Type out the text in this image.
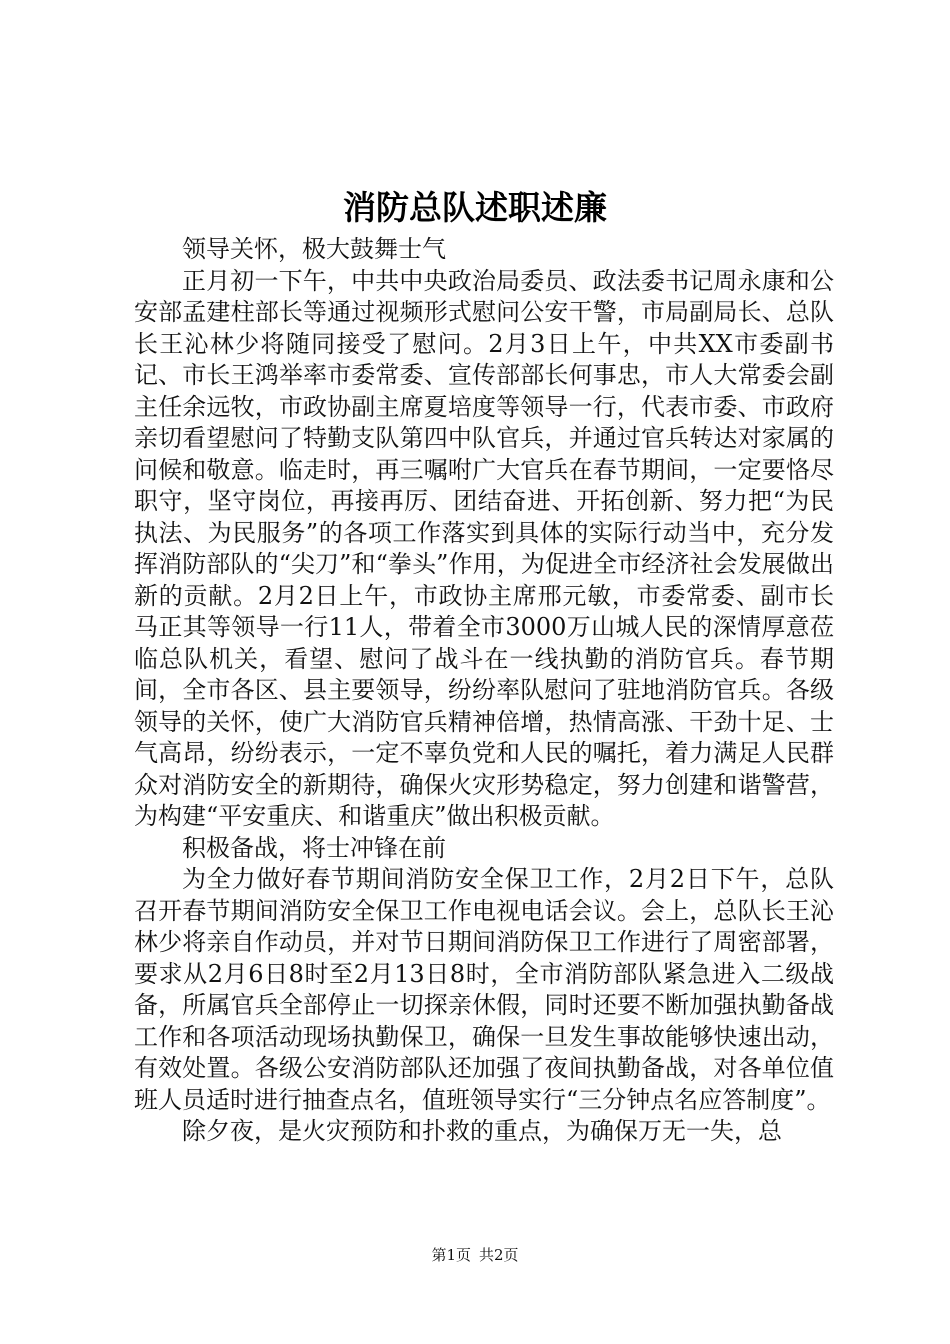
消防总队述职述廉

领导关怀，极大鼓舞士气

正月初一下午，中共中央政治局委员、政法委书记周永康和公安部孟建柱部长等通过视频形式慰问公安干警，市局副局长、总队长王沁林少将随同接受了慰问。2月3日上午，中共XX市委副书记、市长王鸿举率市委常委、宣传部部长何事忠，市人大常委会副主任余远牧，市政协副主席夏培度等领导一行，代表市委、市政府亲切看望慰问了特勤支队第四中队官兵，并通过官兵转达对家属的问候和敬意。临走时，再三嘱咐广大官兵在春节期间，一定要恪尽职守，坚守岗位，再接再厉、团结奋进、开拓创新、努力把“为民执法、为民服务”的各项工作落实到具体的实际行动当中，充分发挥消防部队的“尖刀”和“拳头”作用，为促进全市经济社会发展做出新的贡献。2月2日上午，市政协主席邢元敏，市委常委、副市长马正其等领导一行11人，带着全市3000万山城人民的深情厚意莅临总队机关，看望、慰问了战斗在一线执勤的消防官兵。春节期间，全市各区、县主要领导，纷纷率队慰问了驻地消防官兵。各级领导的关怀，使广大消防官兵精神倍增，热情高涨、干劲十足、士气高昂，纷纷表示，一定不辜负党和人民的嘱托，着力满足人民群众对消防安全的新期待，确保火灾形势稳定，努力创建和谐警营，为构建“平安重庆、和谐重庆”做出积极贡献。

积极备战，将士冲锋在前

为全力做好春节期间消防安全保卫工作，2月2日下午，总队召开春节期间消防安全保卫工作电视电话会议。会上，总队长王沁林少将亲自作动员，并对节日期间消防保卫工作进行了周密部署，要求从2月6日8时至2月13日8时，全市消防部队紧急进入二级战备，所属官兵全部停止一切探亲休假，同时还要不断加强执勤备战工作和各项活动现场执勤保卫，确保一旦发生事故能够快速出动，有效处置。各级公安消防部队还加强了夜间执勤备战，对各单位值班人员适时进行抽查点名，值班领导实行“三分钟点名应答制度”。

除夕夜，是火灾预防和扑救的重点，为确保万无一失，总

第1页 共2页
